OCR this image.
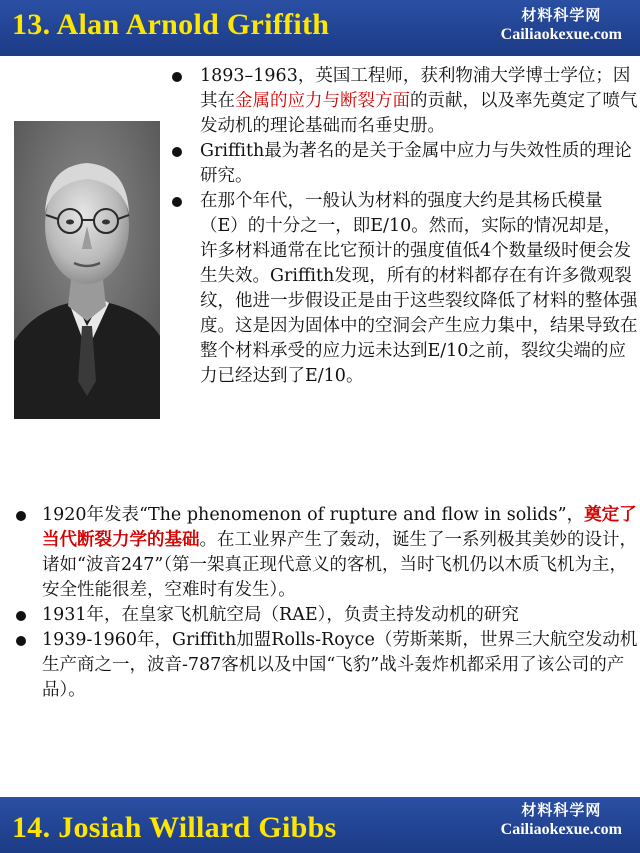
13. Alan Arnold Griffith	材料科学网
Cailiaokexue.com
1893–1963，英国工程师，获利物浦大学博士学位；因其在金属的应力与断裂方面的贡献，以及率先奠定了喷气发动机的理论基础而名垂史册。
Griffith最为著名的是关于金属中应力与失效性质的理论研究。
在那个年代，一般认为材料的强度大约是其杨氏模量（E）的十分之一，即E/10。然而，实际的情况却是，许多材料通常在比它预计的强度值低4个数量级时便会发生失效。Griffith发现，所有的材料都存在有许多微观裂纹，他进一步假设正是由于这些裂纹降低了材料的整体强度。这是因为固体中的空洞会产生应力集中，结果导致在整个材料承受的应力远未达到E/10之前，裂纹尖端的应力已经达到了E/10。
1920年发表“The phenomenon of rupture and flow in solids”，奠定了当代断裂力学的基础。在工业界产生了轰动，诞生了一系列极其美妙的设计，诸如“波音247”（第一架真正现代意义的客机，当时飞机仍以木质飞机为主，安全性能很差，空难时有发生）。
1931年，在皇家飞机航空局（RAE），负责主持发动机的研究
1939-1960年，Griffith加盟Rolls-Royce（劳斯莱斯，世界三大航空发动机生产商之一，波音-787客机以及中国“飞豹”战斗轰炸机都采用了该公司的产品）。
14. Josiah Willard Gibbs
材料科学网
Cailiaokexue.com
